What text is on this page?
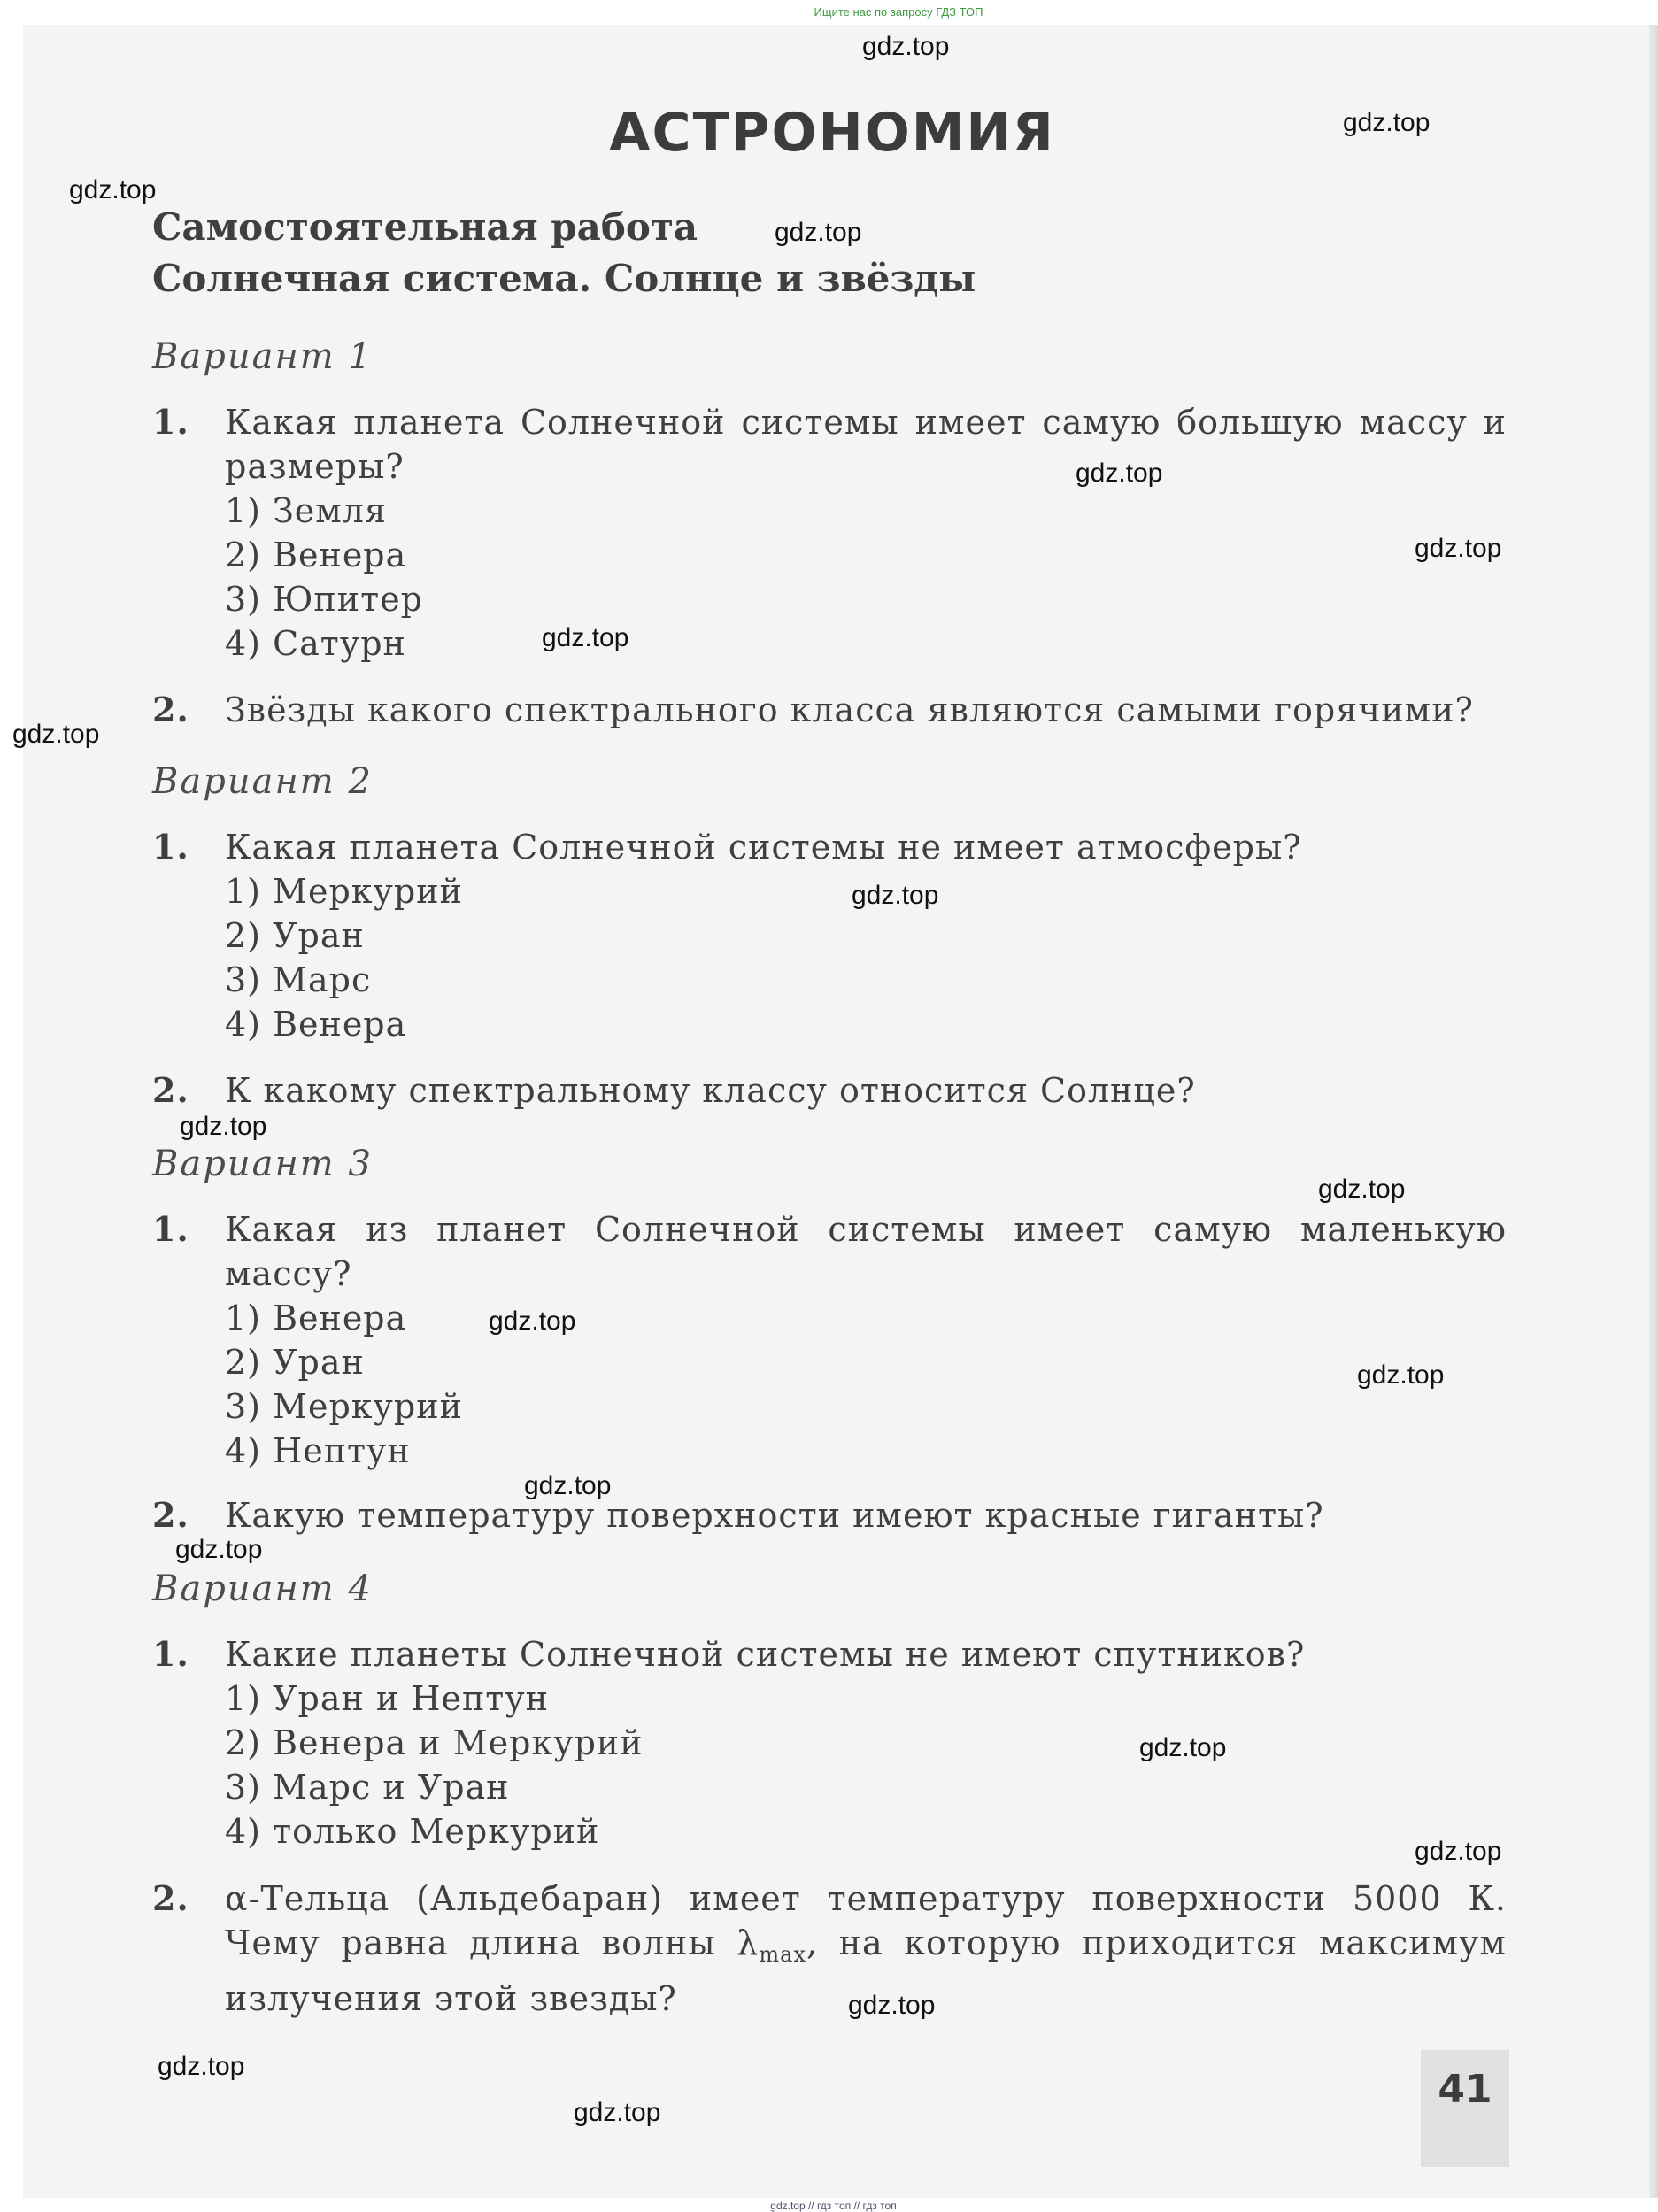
Ищите нас по запросу ГДЗ ТОП
АСТРОНОМИЯ
Самостоятельная работа
Солнечная система. Солнце и звёзды
Вариант 1
1. Какая планета Солнечной системы имеет самую большую массу и размеры?
1) Земля
2) Венера
3) Юпитер
4) Сатурн
2. Звёзды какого спектрального класса являются самыми горячими?
Вариант 2
1. Какая планета Солнечной системы не имеет атмосферы?
1) Меркурий
2) Уран
3) Марс
4) Венера
2. К какому спектральному классу относится Солнце?
Вариант 3
1. Какая из планет Солнечной системы имеет самую маленькую массу?
1) Венера
2) Уран
3) Меркурий
4) Нептун
2. Какую температуру поверхности имеют красные гиганты?
Вариант 4
1. Какие планеты Солнечной системы не имеют спутников?
1) Уран и Нептун
2) Венера и Меркурий
3) Марс и Уран
4) только Меркурий
2. α-Тельца (Альдебаран) имеет температуру поверхности 5000 К. Чему равна длина волны $\lambda_{max}$, на которую приходится максимум излучения этой звезды?
41
gdz.top
gdz.top
gdz.top
gdz.top
gdz.top
gdz.top
gdz.top
gdz.top
gdz.top
gdz.top
gdz.top
gdz.top
gdz.top
gdz.top
gdz.top
gdz.top
gdz.top
gdz.top
gdz.top
gdz.top
gdz.top // гдз топ // гдз топ
